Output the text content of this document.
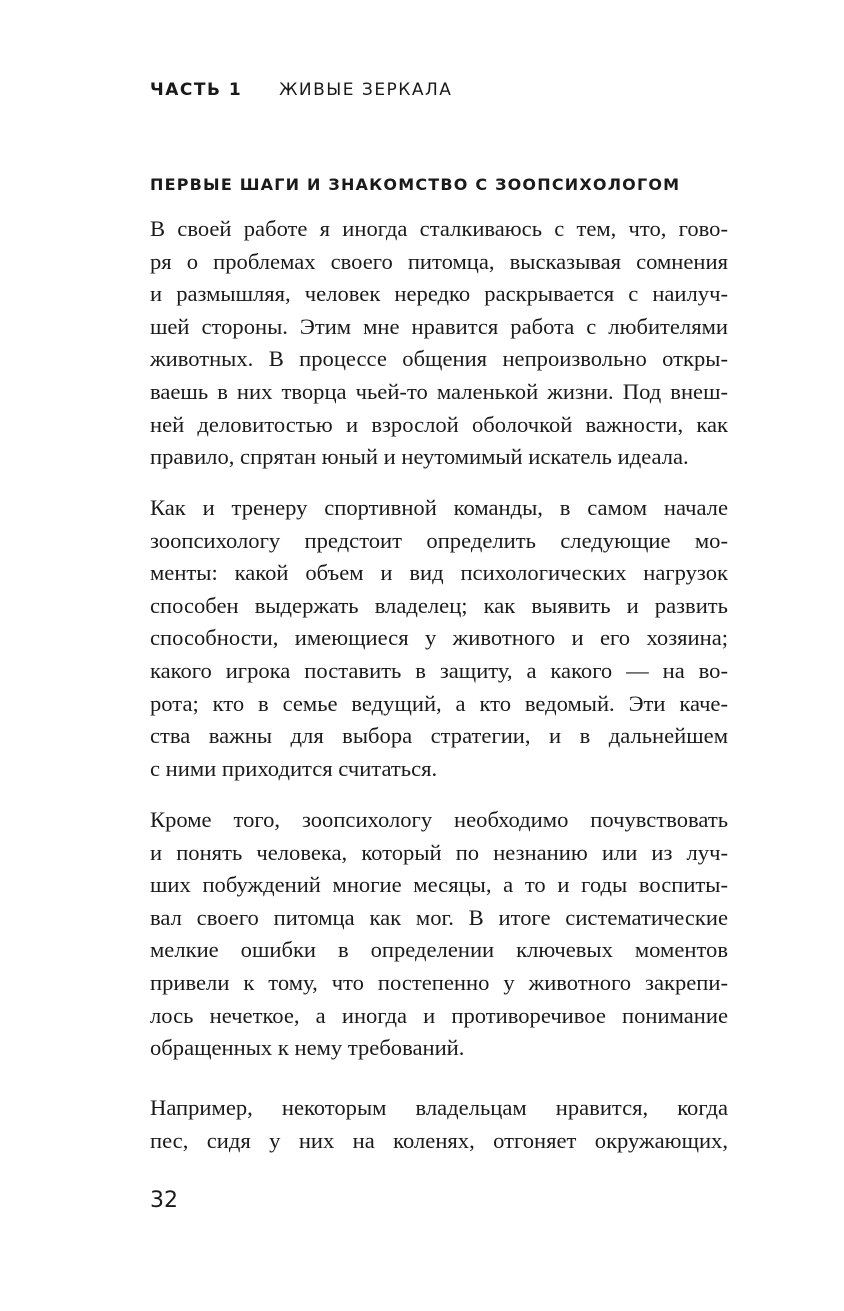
ЧАСТЬ 1 ЖИВЫЕ ЗЕРКАЛА
ПЕРВЫЕ ШАГИ И ЗНАКОМСТВО С ЗООПСИХОЛОГОМ
В своей работе я иногда сталкиваюсь с тем, что, гово-
ря о проблемах своего питомца, высказывая сомнения
и размышляя, человек нередко раскрывается с наилуч-
шей стороны. Этим мне нравится работа с любителями
животных. В процессе общения непроизвольно откры-
ваешь в них творца чьей-то маленькой жизни. Под внеш-
ней деловитостью и взрослой оболочкой важности, как
правило, спрятан юный и неутомимый искатель идеала.
Как и тренеру спортивной команды, в самом начале
зоопсихологу предстоит определить следующие мо-
менты: какой объем и вид психологических нагрузок
способен выдержать владелец; как выявить и развить
способности, имеющиеся у животного и его хозяина;
какого игрока поставить в защиту, а какого — на во-
рота; кто в семье ведущий, а кто ведомый. Эти каче-
ства важны для выбора стратегии, и в дальнейшем
с ними приходится считаться.
Кроме того, зоопсихологу необходимо почувствовать
и понять человека, который по незнанию или из луч-
ших побуждений многие месяцы, а то и годы воспиты-
вал своего питомца как мог. В итоге систематические
мелкие ошибки в определении ключевых моментов
привели к тому, что постепенно у животного закрепи-
лось нечеткое, а иногда и противоречивое понимание
обращенных к нему требований.
Например, некоторым владельцам нравится, когда
пес, сидя у них на коленях, отгоняет окружающих,
32
